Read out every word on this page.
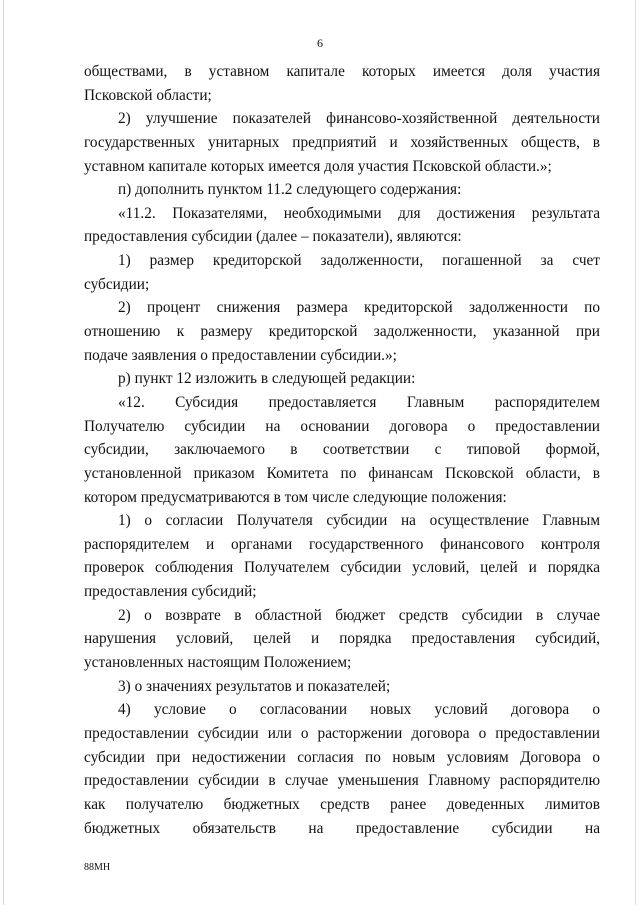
6
обществами, в уставном капитале которых имеется доля участия
Псковской области;
2) улучшение показателей финансово-хозяйственной деятельности
государственных унитарных предприятий и хозяйственных обществ, в
уставном капитале которых имеется доля участия Псковской области.»;
п) дополнить пунктом 11.2 следующего содержания:
«11.2. Показателями, необходимыми для достижения результата
предоставления субсидии (далее – показатели), являются:
1) размер кредиторской задолженности, погашенной за счет
субсидии;
2) процент снижения размера кредиторской задолженности по
отношению к размеру кредиторской задолженности, указанной при
подаче заявления о предоставлении субсидии.»;
р) пункт 12 изложить в следующей редакции:
«12. Субсидия предоставляется Главным распорядителем
Получателю субсидии на основании договора о предоставлении
субсидии, заключаемого в соответствии с типовой формой,
установленной приказом Комитета по финансам Псковской области, в
котором предусматриваются в том числе следующие положения:
1) о согласии Получателя субсидии на осуществление Главным
распорядителем и органами государственного финансового контроля
проверок соблюдения Получателем субсидии условий, целей и порядка
предоставления субсидий;
2) о возврате в областной бюджет средств субсидии в случае
нарушения условий, целей и порядка предоставления субсидий,
установленных настоящим Положением;
3) о значениях результатов и показателей;
4) условие о согласовании новых условий договора о
предоставлении субсидии или о расторжении договора о предоставлении
субсидии при недостижении согласия по новым условиям Договора о
предоставлении субсидии в случае уменьшения Главному распорядителю
как получателю бюджетных средств ранее доведенных лимитов
бюджетных обязательств на предоставление субсидии на
88МН
